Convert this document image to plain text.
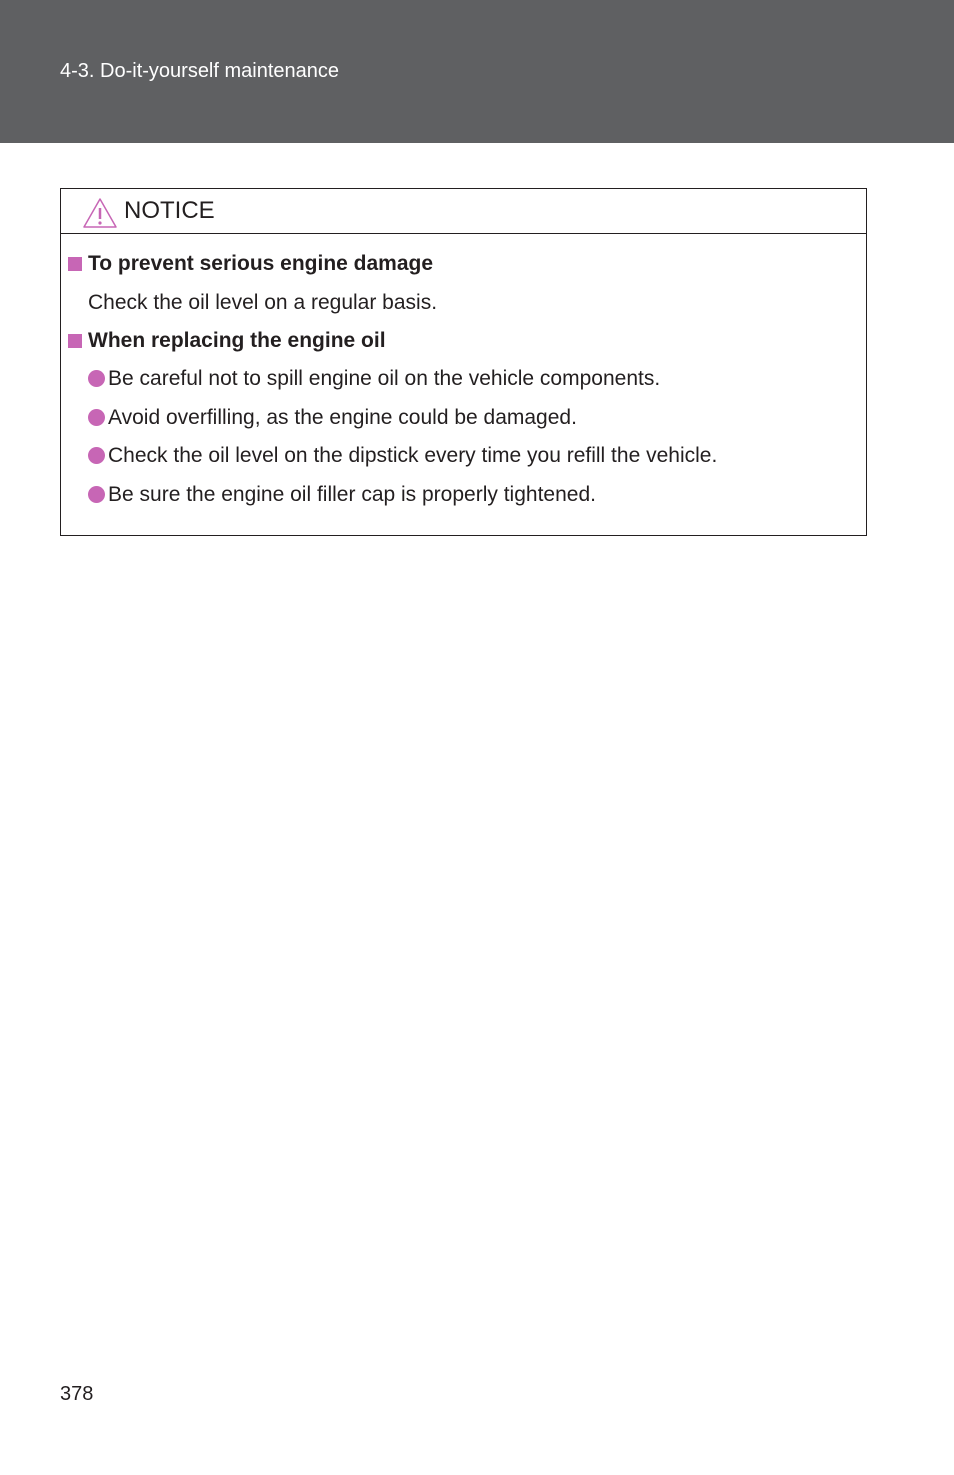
4-3. Do-it-yourself maintenance
NOTICE
To prevent serious engine damage
Check the oil level on a regular basis.
When replacing the engine oil
Be careful not to spill engine oil on the vehicle components.
Avoid overfilling, as the engine could be damaged.
Check the oil level on the dipstick every time you refill the vehicle.
Be sure the engine oil filler cap is properly tightened.
378
